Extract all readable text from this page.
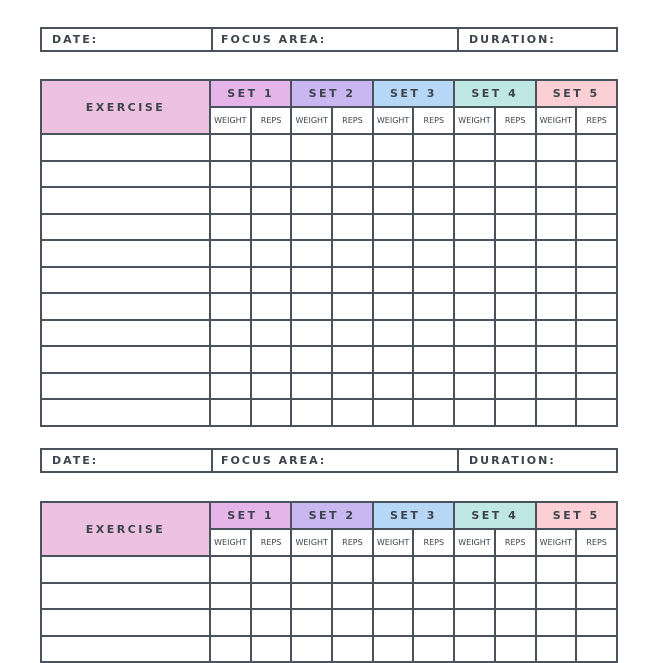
DATE:	FOCUS AREA:	DURATION:
EXERCISE	SET 1		SET 2		SET 3		SET 4		SET 5	
	WEIGHT	REPS	WEIGHT	REPS	WEIGHT	REPS	WEIGHT	REPS	WEIGHT	REPS

DATE:	FOCUS AREA:	DURATION:
EXERCISE	SET 1		SET 2		SET 3		SET 4		SET 5	
	WEIGHT	REPS	WEIGHT	REPS	WEIGHT	REPS	WEIGHT	REPS	WEIGHT	REPS
